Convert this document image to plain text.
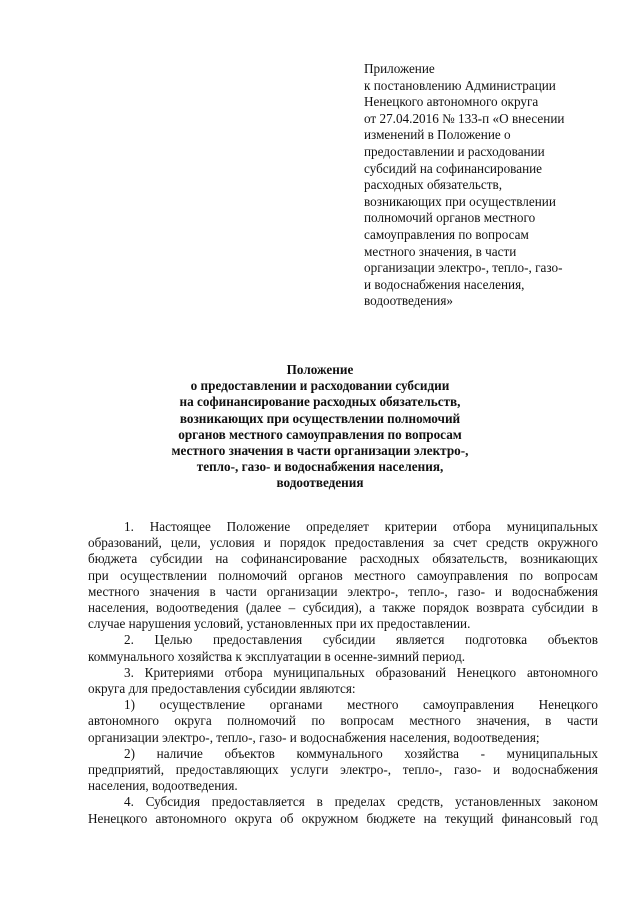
Приложение
к постановлению Администрации
Ненецкого автономного округа
от 27.04.2016 № 133-п «О внесении
изменений в Положение о
предоставлении и расходовании
субсидий на софинансирование
расходных обязательств,
возникающих при осуществлении
полномочий органов местного
самоуправления по вопросам
местного значения, в части
организации электро-, тепло-, газо-
и водоснабжения населения,
водоотведения»
Положение
о предоставлении и расходовании субсидии
на софинансирование расходных обязательств,
возникающих при осуществлении полномочий
органов местного самоуправления по вопросам
местного значения в части организации электро-,
тепло-, газо- и водоснабжения населения,
водоотведения
1. Настоящее Положение определяет критерии отбора муниципальных
образований, цели, условия и порядок предоставления за счет средств окружного
бюджета субсидии на софинансирование расходных обязательств, возникающих
при осуществлении полномочий органов местного самоуправления по вопросам
местного значения в части организации электро-, тепло-, газо- и водоснабжения
населения, водоотведения (далее – субсидия), а также порядок возврата субсидии в
случае нарушения условий, установленных при их предоставлении.
2. Целью предоставления субсидии является подготовка объектов
коммунального хозяйства к эксплуатации в осенне-зимний период.
3. Критериями отбора муниципальных образований Ненецкого автономного
округа для предоставления субсидии являются:
1) осуществление органами местного самоуправления Ненецкого
автономного округа полномочий по вопросам местного значения, в части
организации электро-, тепло-, газо- и водоснабжения населения, водоотведения;
2) наличие объектов коммунального хозяйства - муниципальных
предприятий, предоставляющих услуги электро-, тепло-, газо- и водоснабжения
населения, водоотведения.
4. Субсидия предоставляется в пределах средств, установленных законом
Ненецкого автономного округа об окружном бюджете на текущий финансовый год
